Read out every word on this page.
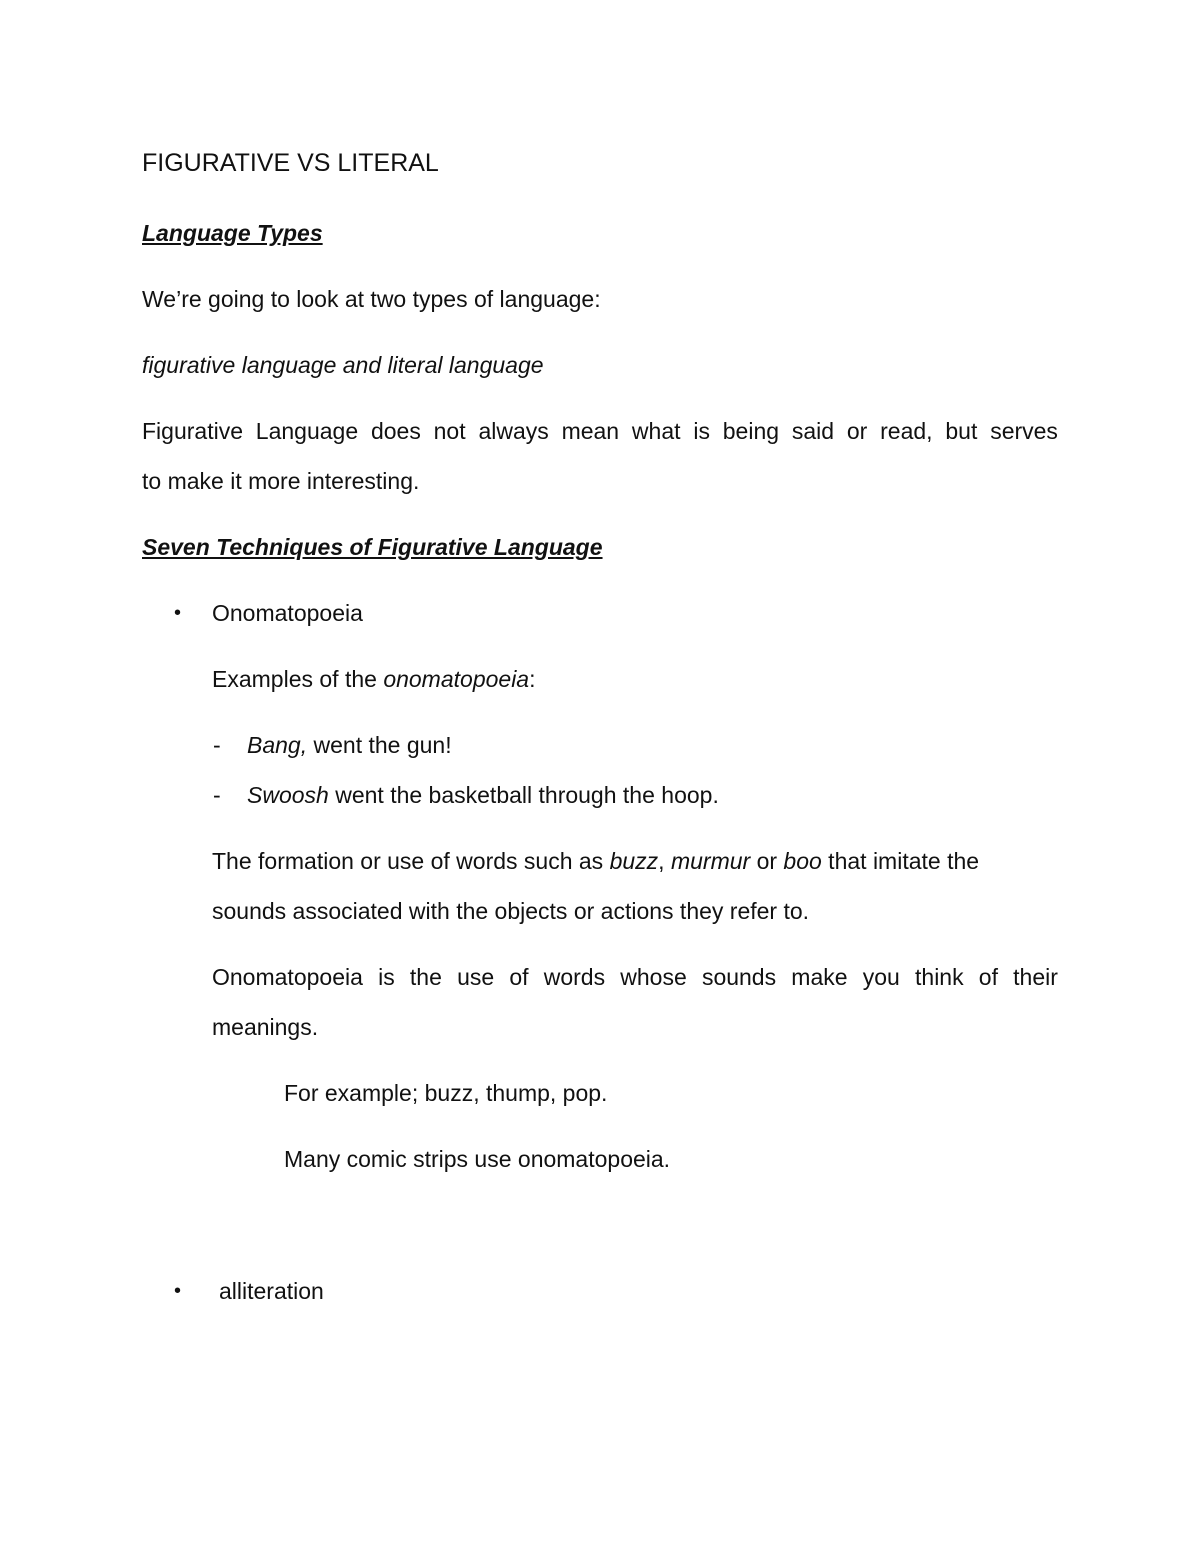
FIGURATIVE VS LITERAL
Language Types
We’re going to look at two types of language:
figurative language and literal language
Figurative Language does not always mean what is being said or read, but serves
to make it more interesting.
Seven Techniques of Figurative Language
• Onomatopoeia
Examples of the onomatopoeia:
- Bang, went the gun!
- Swoosh went the basketball through the hoop.
The formation or use of words such as buzz, murmur or boo that imitate the
sounds associated with the objects or actions they refer to.
Onomatopoeia is the use of words whose sounds make you think of their
meanings.
For example; buzz, thump, pop.
Many comic strips use onomatopoeia.
• alliteration
